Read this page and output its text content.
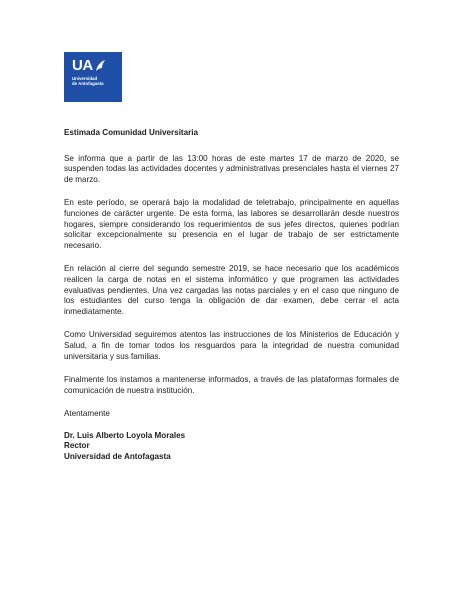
UA
Universidad
de Antofagasta

Estimada Comunidad Universitaria

Se informa que a partir de las 13:00 horas de este martes 17 de marzo de 2020, se suspenden todas las actividades docentes y administrativas presenciales hasta el viernes 27 de marzo.

En este período, se operará bajo la modalidad de teletrabajo, principalmente en aquellas funciones de carácter urgente. De esta forma, las labores se desarrollarán desde nuestros hogares, siempre considerando los requerimientos de sus jefes directos, quienes podrían solicitar excepcionalmente su presencia en el lugar de trabajo de ser estrictamente necesario.

En relación al cierre del segundo semestre 2019, se hace necesario que los académicos realicen la carga de notas en el sistema informático y que programen las actividades evaluativas pendientes. Una vez cargadas las notas parciales y en el caso que ninguno de los estudiantes del curso tenga la obligación de dar examen, debe cerrar el acta inmediatamente.

Como Universidad seguiremos atentos las instrucciones de los Ministerios de Educación y Salud, a fin de tomar todos los resguardos para la integridad de nuestra comunidad universitaria y sus familias.

Finalmente los instamos a mantenerse informados, a través de las plataformas formales de comunicación de nuestra institución.

Atentamente

Dr. Luis Alberto Loyola Morales

Rector

Universidad de Antofagasta
